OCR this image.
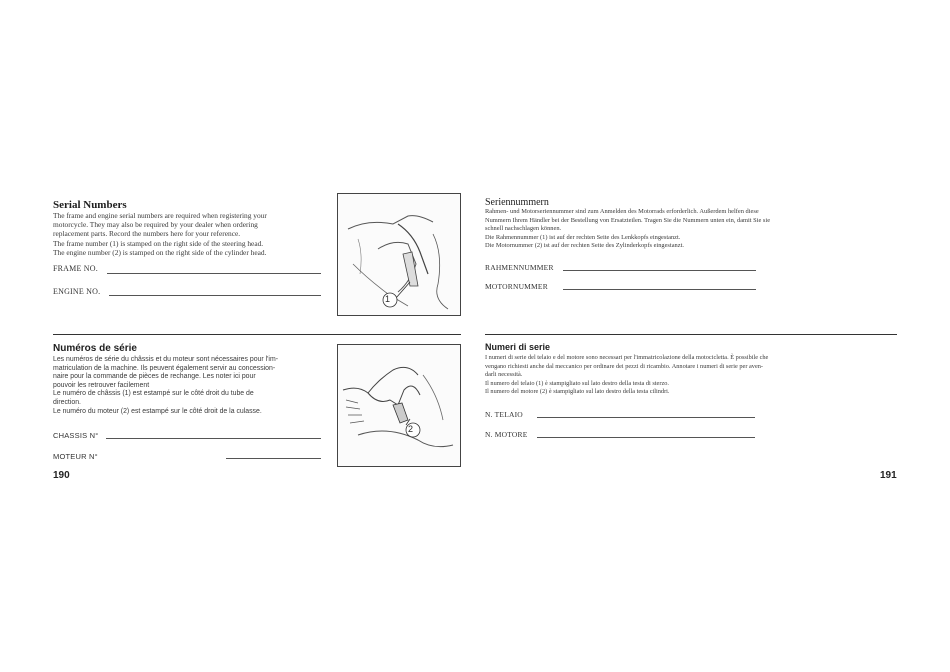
Serial Numbers

The frame and engine serial numbers are required when registering your

motorcycle. They may also be required by your dealer when ordering

replacement parts. Record the numbers here for your reference.

The frame number (1) is stamped on the right side of the steering head.

The engine number (2) is stamped on the right side of the cylinder head.

FRAME NO.
ENGINE NO.
1
Numéros de série

Les numéros de série du châssis et du moteur sont nécessaires pour l'im-

matriculation de la machine. Ils peuvent également servir au concession-

naire pour la commande de pièces de rechange. Les noter ici pour

pouvoir les retrouver facilement

Le numéro de châssis (1) est estampé sur le côté droit du tube de

direction.

Le numéro du moteur (2) est estampé sur le côté droit de la culasse.

CHASSIS N°
MOTEUR N°
2
190
Seriennummern

Rahmen- und Motorseriennummer sind zum Anmelden des Motorrads erforderlich. Außerdem helfen diese

Nummern Ihrem Händler bei der Bestellung von Ersatzteilen. Tragen Sie die Nummern unten ein, damit Sie sie

schnell nachschlagen können.

Die Rahmennummer (1) ist auf der rechten Seite des Lenkkopfs eingestanzt.

Die Motornummer (2) ist auf der rechten Seite des Zylinderkopfs eingestanzt.

RAHMENNUMMER
MOTORNUMMER
Numeri di serie

I numeri di serie del telaio e del motore sono necessari per l'immatricolazione della motocicletta. È possibile che

vengano richiesti anche dal meccanico per ordinare dei pezzi di ricambio. Annotare i numeri di serie per aven-

darli necessità.

Il numero del telaio (1) è stampigliato sul lato destro della testa di sterzo.

Il numero del motore (2) è stampigliato sul lato destro della testa cilindri.

N. TELAIO
N. MOTORE
191
